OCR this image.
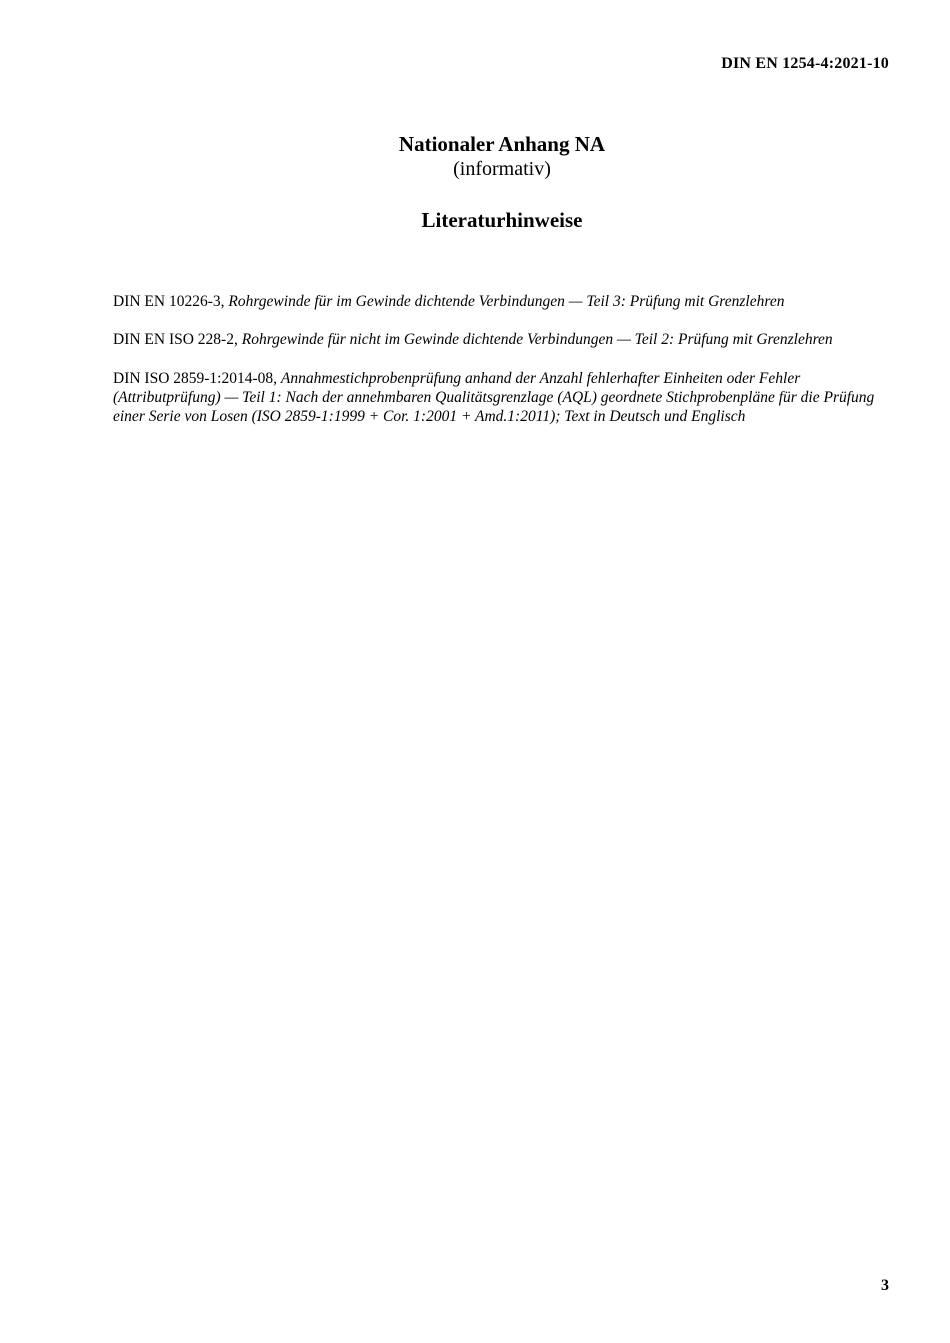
DIN EN 1254-4:2021-10
Nationaler Anhang NA
(informativ)
Literaturhinweise

DIN EN 10226-3, Rohrgewinde für im Gewinde dichtende Verbindungen — Teil 3: Prüfung mit Grenzlehren

DIN EN ISO 228-2, Rohrgewinde für nicht im Gewinde dichtende Verbindungen — Teil 2: Prüfung mit Grenzlehren

DIN ISO 2859-1:2014-08, Annahmestichprobenprüfung anhand der Anzahl fehlerhafter Einheiten oder Fehler (Attributprüfung) — Teil 1: Nach der annehmbaren Qualitätsgrenzlage (AQL) geordnete Stichprobenpläne für die Prüfung einer Serie von Losen (ISO 2859-1:1999 + Cor. 1:2001 + Amd.1:2011); Text in Deutsch und Englisch

3
